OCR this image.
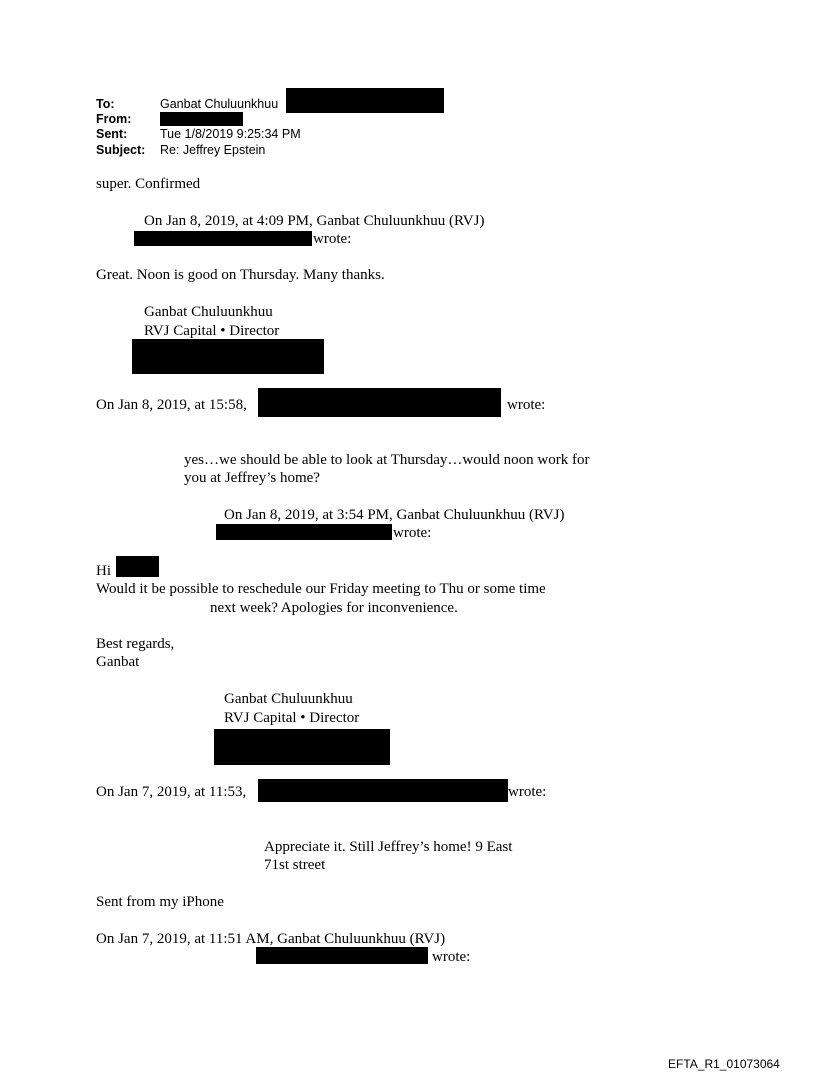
To:	Ganbat Chuluunkhuu
From:
Sent:	Tue 1/8/2019 9:25:34 PM
Subject: Re: Jeffrey Epstein
super. Confirmed
On Jan 8, 2019, at 4:09 PM, Ganbat Chuluunkhuu (RVJ)
wrote:
Great. Noon is good on Thursday. Many thanks.
Ganbat Chuluunkhuu
RVJ Capital • Director
On Jan 8, 2019, at 15:58,	wrote:
yes…we should be able to look at Thursday…would noon work for
you at Jeffrey’s home?
On Jan 8, 2019, at 3:54 PM, Ganbat Chuluunkhuu (RVJ)
wrote:
Hi
Would it be possible to reschedule our Friday meeting to Thu or some time
next week? Apologies for inconvenience.
Best regards,
Ganbat
Ganbat Chuluunkhuu
RVJ Capital • Director
On Jan 7, 2019, at 11:53,	wrote:
Appreciate it. Still Jeffrey’s home! 9 East
71st street
Sent from my iPhone
On Jan 7, 2019, at 11:51 AM, Ganbat Chuluunkhuu (RVJ)
wrote:
EFTA_R1_01073064
